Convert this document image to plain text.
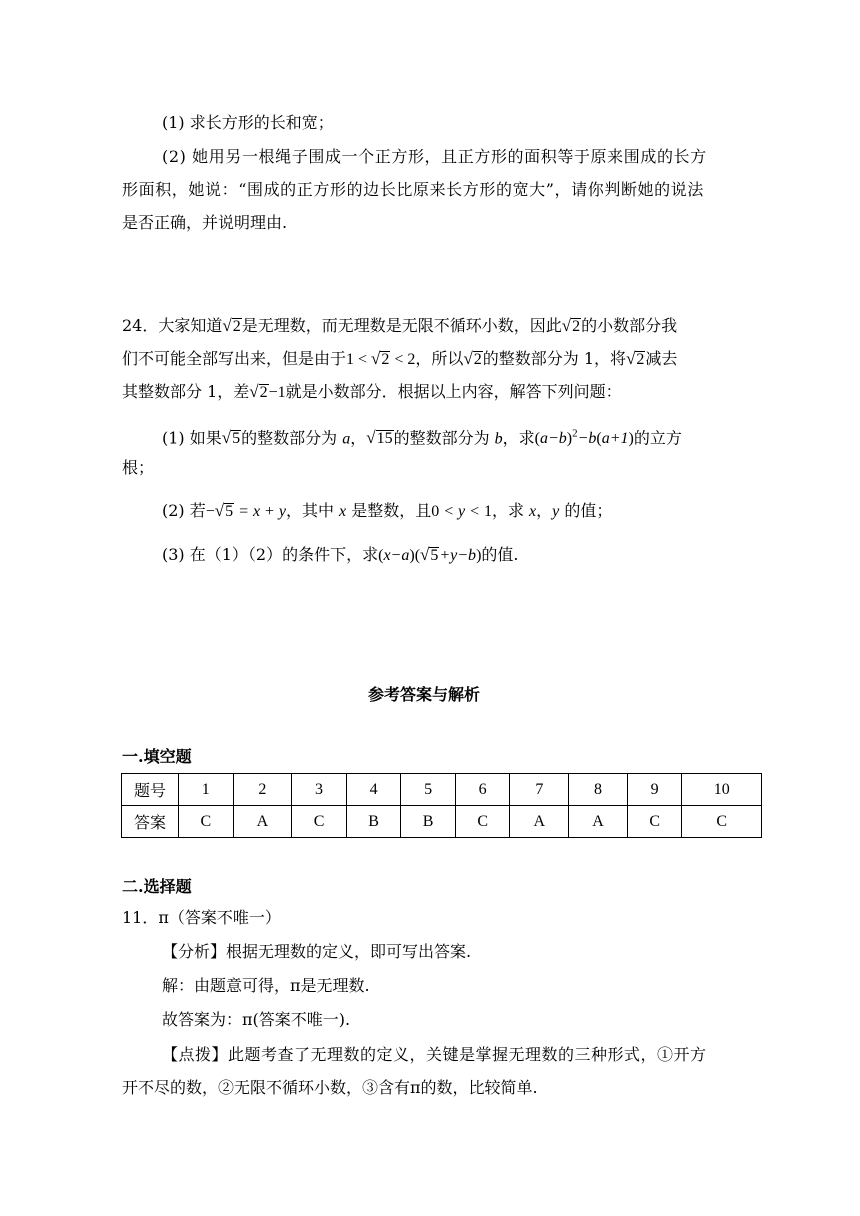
(1) 求长方形的长和宽；
(2) 她用另一根绳子围成一个正方形，且正方形的面积等于原来围成的长方
形面积，她说：“围成的正方形的边长比原来长方形的宽大”，请你判断她的说法
是否正确，并说明理由.
24．大家知道√2是无理数，而无理数是无限不循环小数，因此√2的小数部分我
们不可能全部写出来，但是由于1 < √2 < 2，所以√2的整数部分为 1，将√2减去
其整数部分 1，差√2−1就是小数部分．根据以上内容，解答下列问题：
(1) 如果√5的整数部分为 a，√15的整数部分为 b，求$(a-b)^2-b(a+1)$的立方
根；
(2) 若−√5 = x + y，其中 x 是整数，且0 < y < 1，求 x，y 的值；
(3) 在（1）（2）的条件下，求(x−a)(√5+y−b)的值.
参考答案与解析
一.填空题
题号	1	2	3	4	5	6	7	8	9	10
答案	C	A	C	B	B	C	A	A	C	C
二.选择题
11．π（答案不唯一）
【分析】根据无理数的定义，即可写出答案.
解：由题意可得，π是无理数.
故答案为：π(答案不唯一).
【点拨】此题考查了无理数的定义，关键是掌握无理数的三种形式，①开方
开不尽的数，②无限不循环小数，③含有π的数，比较简单.
